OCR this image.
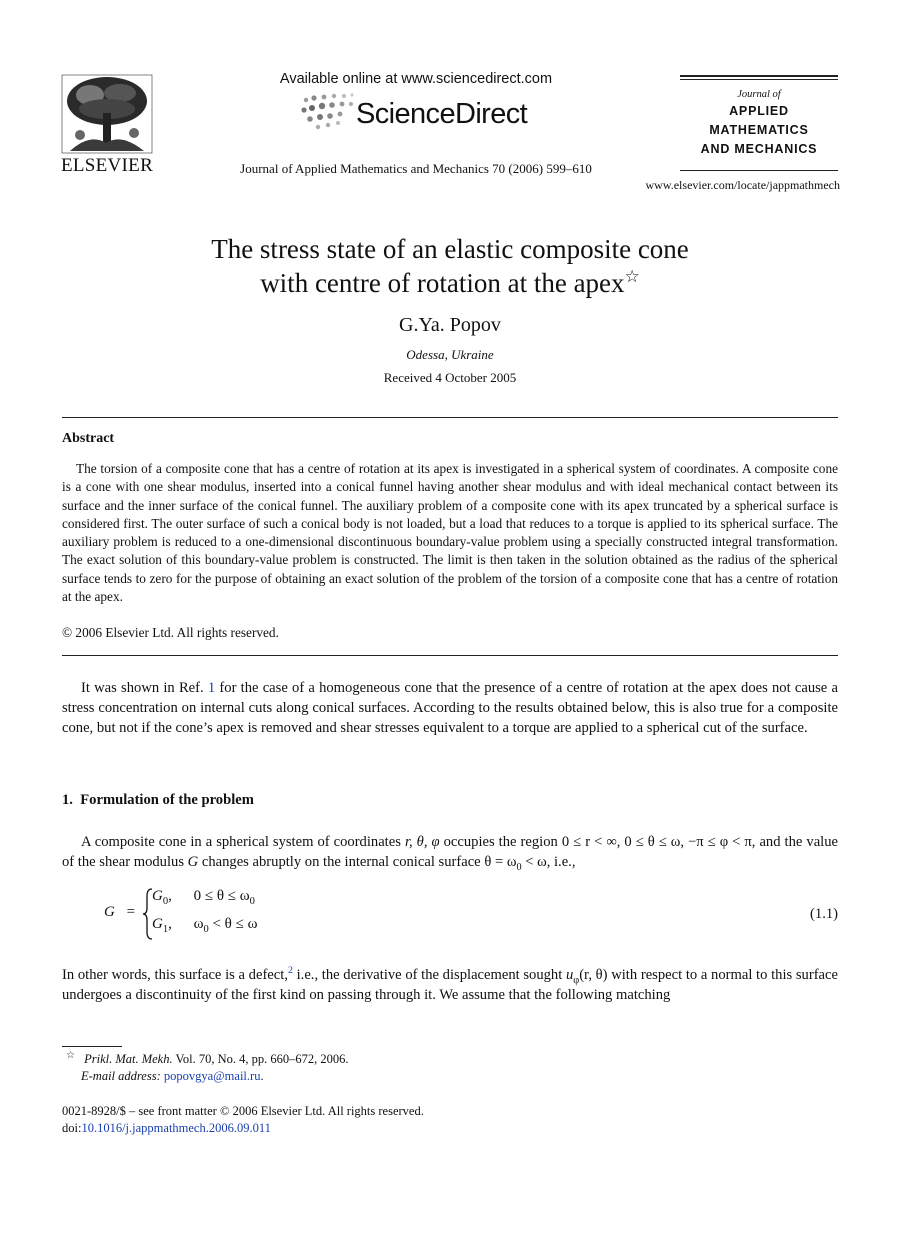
ELSEVIER
Available online at www.sciencedirect.com
ScienceDirect
Journal of Applied Mathematics and Mechanics 70 (2006) 599–610
Journal of
APPLIED
MATHEMATICS
AND MECHANICS
www.elsevier.com/locate/jappmathmech
The stress state of an elastic composite cone
with centre of rotation at the apex☆
G.Ya. Popov
Odessa, Ukraine
Received 4 October 2005
Abstract
The torsion of a composite cone that has a centre of rotation at its apex is investigated in a spherical system of coordinates. A composite cone is a cone with one shear modulus, inserted into a conical funnel having another shear modulus and with ideal mechanical contact between its surface and the inner surface of the conical funnel. The auxiliary problem of a composite cone with its apex truncated by a spherical surface is considered first. The outer surface of such a conical body is not loaded, but a load that reduces to a torque is applied to its spherical surface. The auxiliary problem is reduced to a one-dimensional discontinuous boundary-value problem using a specially constructed integral transformation. The exact solution of this boundary-value problem is constructed. The limit is then taken in the solution obtained as the radius of the spherical surface tends to zero for the purpose of obtaining an exact solution of the problem of the torsion of a composite cone that has a centre of rotation at the apex.
© 2006 Elsevier Ltd. All rights reserved.
It was shown in Ref. 1 for the case of a homogeneous cone that the presence of a centre of rotation at the apex does not cause a stress concentration on internal cuts along conical surfaces. According to the results obtained below, this is also true for a composite cone, but not if the cone’s apex is removed and shear stresses equivalent to a torque are applied to a spherical cut of the surface.
1. Formulation of the problem
A composite cone in a spherical system of coordinates r, θ, φ occupies the region 0 ≤ r < ∞, 0 ≤ θ ≤ ω, −π ≤ φ < π, and the value of the shear modulus G changes abruptly on the internal conical surface $\theta = \omega_0 < \omega$, i.e.,
G =
$G_0$, $0 \le \theta \le \omega_0$
$G_1$, $\omega_0 < \theta \le \omega$
(1.1)
In other words, this surface is a defect,$^2$ i.e., the derivative of the displacement sought $u_\varphi(r$, θ) with respect to a normal to this surface undergoes a discontinuity of the first kind on passing through it. We assume that the following matching
☆ Prikl. Mat. Mekh. Vol. 70, No. 4, pp. 660–672, 2006.
E-mail address: popovgya@mail.ru.
0021-8928/$ – see front matter © 2006 Elsevier Ltd. All rights reserved.
doi:10.1016/j.jappmathmech.2006.09.011
